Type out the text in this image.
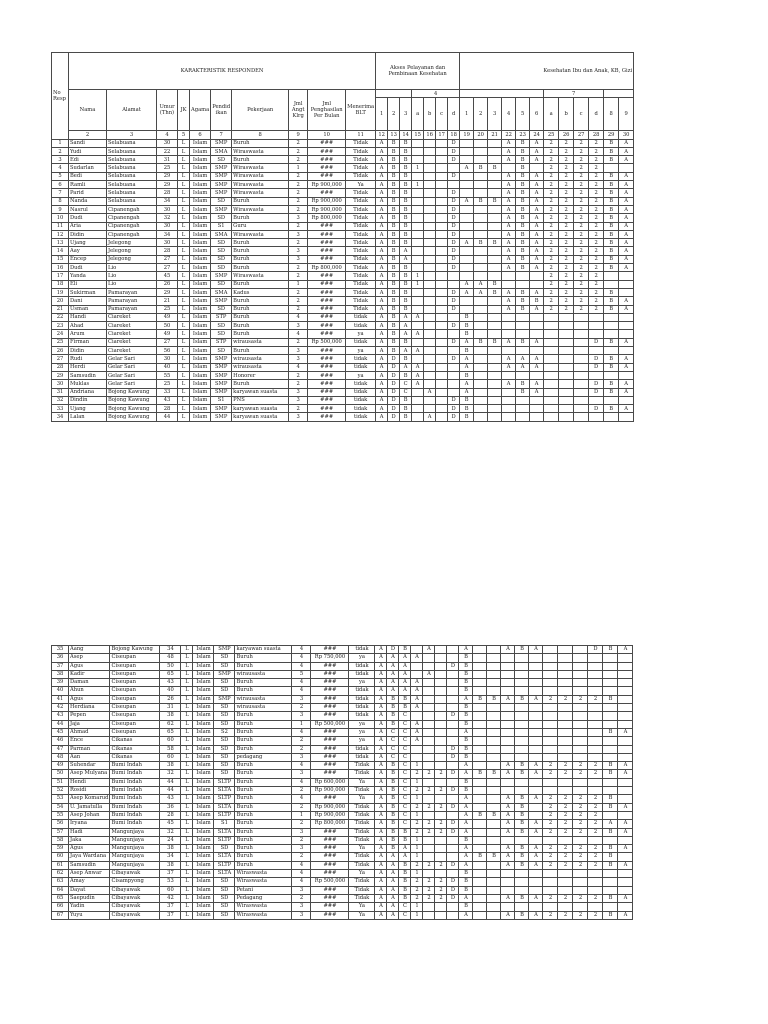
No Resp	KARAKTERISTIK RESPONDEN										Akses Pelayanan dan Pembinaan Kesehatan							Kesehatan Ibu dan Anak, KB, Gizi											
	Nama	Alamat	Umur (Thn)	JK	Agama	Pendid ikan	Pekerjaan	Jml Angt Klrg	Jml Penghasilan Per Bulan	Menerima BLT				4										7					
											1	2	3	a	b	c	d	1	2	3	4	5	6	a	b	c	d	8	9
	2	3	4	5	6	7	8	9	10	11	12	13	14	15	16	17	18	19	20	21	22	23	24	25	26	27	28	29	30
1	Sandi	Selabuana	30	L	Islam	SMP	Buruh	2	###	Tidak	A	B	B				D				A	B	A	2	2	2	2	B	A
2	Yudi	Selabuana	22	L	Islam	SMA	Wiraswasta	2	###	Tidak	A	B	B				D				A	B	A	2	2	2	2	B	A
3	Edi	Selabuana	31	L	Islam	SD	Buruh	2	###	Tidak	A	B	B				D				A	B	A	2	2	2	2	B	A
4	Sudarlan	Selabuana	25	L	Islam	SMP	Wiraswasta	1	###	Tidak	A	B	B	1				A	B	B		B		2	2	2	2		
5	Bedi	Selabuana	29	L	Islam	SMP	Wiraswasta	2	###	Tidak	A	B	B				D				A	B	A	2	2	2	2	B	A
6	Ramli	Selabuana	29	L	Islam	SMP	Wiraswasta	2	Rp 900,000	Ya	A	B	B	1							A	B	A	2	2	2	2	B	A
7	Parid	Selabuana	28	L	Islam	SMP	Wiraswasta	2	###	Tidak	A	B	B				D				A	B	A	2	2	2	2	B	A
8	Nanda	Selabuana	34	L	Islam	SD	Buruh	2	Rp 900,000	Tidak	A	B	B				D	A	B	B	A	B	A	2	2	2	2	B	A
9	Nasrul	Cipanengah	30	L	Islam	SMP	Wiraswasta	2	Rp 900,000	Tidak	A	B	B				D				A	B	A	2	2	2	2	B	A
10	Dudi	Cipanengah	32	L	Islam	SD	Buruh	3	Rp 800,000	Tidak	A	B	B				D				A	B	A	2	2	2	2	B	A
11	Aria	Cipanengah	30	L	Islam	S1	Guru	2	###	Tidak	A	B	B				D				A	B	A	2	2	2	2	B	A
12	Didin	Cipanengah	34	L	Islam	SMA	Wiraswasta	3	###	Tidak	A	B	B				D				A	B	A	2	2	2	2	B	A
13	Ujang	Jelegong	30	L	Islam	SD	Buruh	2	###	Tidak	A	B	B				D	A	B	B	A	B	A	2	2	2	2	B	A
14	Aay	Jelegong	28	L	Islam	SD	Buruh	3	###	Tidak	A	B	A				D				A	B	A	2	2	2	2	B	A
15	Encep	Jelegong	27	L	Islam	SD	Buruh	3	###	Tidak	A	B	A				D				A	B	A	2	2	2	2	B	A
16	Dudi	Lio	27	L	Islam	SD	Buruh	2	Rp 800,000	Tidak	A	B	B				D				A	B	A	2	2	2	2	B	A
17	Yanda	Lio	45	L	Islam	SMP	Wiraswasta	2	###	Tidak	A	B	B	1										2	2	2	2		
18	Eli	Lio	26	L	Islam	SD	Buruh	1	###	Tidak	A	B	B	1				A	A	B				2	2	2	2		
19	Sukirman	Pamarayan	29	L	Islam	SMA	Kadus	2	###	Tidak	A	B	B				D	A	A	B	A	B	A	2	2	2	2	B	
20	Dani	Pamarayan	21	L	Islam	SMP	Buruh	2	###	Tidak	A	B	B				D				A	B	B	2	2	2	2	B	A
21	Usman	Pamarayan	25	L	Islam	SD	Buruh	2	###	Tidak	A	B	B				D				A	B	A	2	2	2	2	B	A
22	Handi	Ciareket	49	L	Islam	STP	Buruh	4	###	tidak	A	B	A	A				B											
23	Ahad	Ciareket	50	L	Islam	SD	Buruh	3	###	tidak	A	B	A				D	B											
24	Arum	Ciareket	49	L	Islam	SD	Buruh	4	###	ya	A	B	A	A				B											
25	Firman	Ciareket	27	L	Islam	STP	wirausasta	2	Rp 500,000	tidak	A	B	B				D	A	B	B	A	B	A				D	B	A
26	Didin	Ciareket	56	L	Islam	SD	Buruh	3	###	ya	A	B	A	A				B											
27	Rudi	Gelar Sari	30	L	Islam	SMP	wirausasta	3	###	tidak	A	D	B				D	A			A	A	A				D	B	A
28	Herdi	Gelar Sari	40	L	Islam	SMP	wirausasta	4	###	tidak	A	D	A	A				A			A	A	A				D	B	A
29	Samsudin	Gelar Sari	55	L	Islam	SMP	Honorer	2	###	ya	A	D	B	A				B											
30	Muklas	Gelar Sari	25	L	Islam	SMP	Buruh	2	###	tidak	A	D	C	A				A			A	B	A				D	B	A
31	Andriana	Bojong Kawung	33	L	Islam	SMP	karyawan suasta	3	###	tidak	A	D	C		A			A				B	A				D	B	A
32	Dindin	Bojong Kawung	43	L	Islam	S1	PNS	3	###	tidak	A	D	B				D	B											
33	Ujang	Bojong Kawung	28	L	Islam	SMP	karyawan suasta	2	###	tidak	A	D	B				D	B									D	B	A
34	Lalan	Bojong Kawung	44	L	Islam	SMP	karyawan suasta	3	###	tidak	A	D	B		A		D	B											
35	Aang	Bojong Kawung	34	L	Islam	SMP	karyawan suasta	4	###	tidak	A	D	B		A			A			A	B	A				D	B	A
36	Asep	Ciseupan	48	L	Islam	SD	Buruh	4	Rp 750,000	ya	A	A	A	A				B											
37	Agus	Ciseupan	50	L	Islam	SD	Buruh	4	###	tidak	A	A	A				D	B											
38	Kadir	Ciseupan	65	L	Islam	SMP	wirausasta	5	###	tidak	A	A	A		A			B											
39	Daman	Ciseupan	43	L	Islam	SD	Buruh	4	###	ya	A	A	A	A				B											
40	Ahun	Ciseupan	40	L	Islam	SD	Buruh	4	###	tidak	A	A	A	A				B											
41	Agus	Ciseupan	26	L	Islam	SMP	wirausasta	3	###	tidak	A	B	B	A				A	B	B	A	B	A	2	2	2	2	B	
42	Herdiana	Ciseupan	31	L	Islam	SD	wirausasta	2	###	tidak	A	B	B	A				B											
43	Pepen	Ciseupan	38	L	Islam	SD	Buruh	3	###	tidak	A	B	C				D	B											
44	Jaja	Ciseupan	62	L	Islam	SD	Buruh	1	Rp 500,000	ya	A	B	C	A				B											
45	Ahmad	Ciseupan	65	L	Islam	S2	Buruh	4	###	ya	A	C	C	A				A										B	A
46	Ence	Cikanas	60	L	Islam	SD	Buruh	2	###	ya	A	C	C	A				B											
47	Parman	Cikanas	58	L	Islam	SD	Buruh	2	###	tidak	A	C	C				D	B											
48	Aan	Cikanas	60	L	Islam	SD	pedagang	3	###	tidak	A	C	C				D	B											
49	Suhendar	Bumi Indah	38	L	Islam	SD	Buruh	4	###	Tidak	A	B	C	1				A			A	B	A	2	2	2	2	B	A
50	Asep Mulyana	Bumi Indah	32	L	Islam	SD	Buruh	3	###	Tidak	A	B	C	2	2	2	D	A	B	B	A	B	A	2	2	2	2	B	A
51	Hendi	Bumi Indah	44	L	Islam	SLTP	Buruh	4	Rp 600,000	Ya	A	B	C	1				B											
52	Rosidi	Bumi Indah	44	L	Islam	SLTA	Buruh	2	Rp 900,000	Tidak	A	B	C	2	2	2	D	B											
53	Asep Komarud	Bumi Indah	43	L	Islam	SLTP	Buruh	4	###	Ya	A	B	C	1				A			A	B	A	2	2	2	2	B	
54	U. Jamatulla	Bumi Indah	36	L	Islam	SLTA	Buruh	2	Rp 900,000	Tidak	A	B	C	2	2	2	D	A			A	B		2	2	2	2	B	A
55	Asep Johan	Bumi Indah	28	L	Islam	SLTP	Buruh	1	Rp 900,000	Tidak	A	B	C	1				A	B	B	A	B		2	2	2	2		
56	Iryana	Bumi Indah	45	L	Islam	S1	Buruh	2	Rp 800,000	Tidak	A	B	C	2	2	2	D	A			A	B	A	2	2	2	2	A	A
57	Hadi	Mangunjaya	32	L	Islam	SLTA	Buruh	3	###	Tidak	A	B	B	2	2	2	D	A			A	B	A	2	2	2	2	B	A
58	Jaka	Mangunjaya	24	L	Islam	SLTP	Buruh	2	###	Tidak	A	B	B	1				B											
59	Agus	Mangunjaya	38	L	Islam	SD	Buruh	3	###	Ya	A	B	A	1				A			A	B	A	2	2	2	2	B	A
60	Jaya Wardana	Mangunjaya	34	L	Islam	SLTA	Buruh	2	###	Tidak	A	A	A	1				A	B	B	A	B	A	2	2	2	2	B	
61	Samsudin	Mangunjaya	38	L	Islam	SLTP	Buruh	4	###	Tidak	A	A	B	2	2	2	D	A			A	B	A	2	2	2	2	B	A
62	Asep Anwar	Cibayawak	37	L	Islam	SLTA	Wiraswasta	4	###	Ya	A	A	B	1				B											
63	Amay	Cisampyong	53	L	Islam	SD	Wiraswasta	4	Rp 500,000	Tidak	A	A	B	2	2	2	D	B											
64	Dayat	Cibayawak	60	L	Islam	SD	Petani	3	###	Tidak	A	A	B	2	2	2	D	B											
65	Saepudin	Cibayawak	42	L	Islam	SD	Pedagang	2	###	Tidak	A	A	B	2	2	2	D	A			A	B	A	2	2	2	2	B	A
66	Yadin	Cibayawak	37	L	Islam	SD	Wiraswasta	3	###	Ya	A	A	C	1				B											
67	Yuyu	Cibayawak	37	L	Islam	SD	Wiraswasta	3	###	Ya	A	A	C	1				A			A	B	A	2	2	2	2	B	A
